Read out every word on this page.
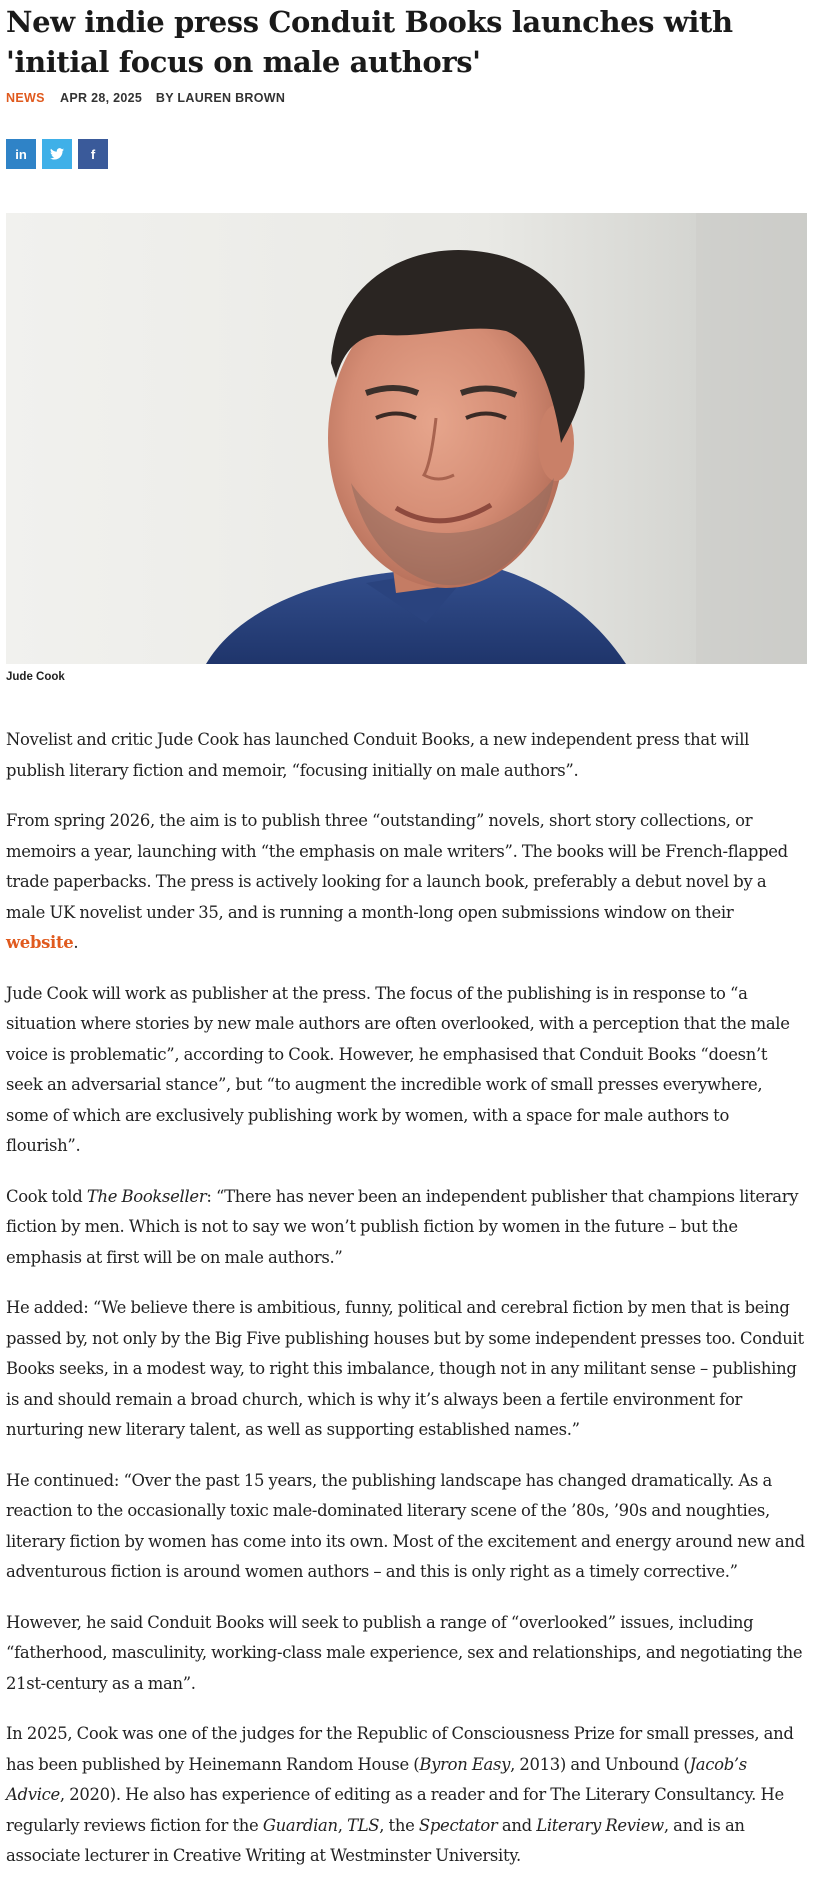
New indie press Conduit Books launches with 'initial focus on male authors'
NEWS APR 28, 2025 BY LAUREN BROWN
in	f
Jude Cook

Novelist and critic Jude Cook has launched Conduit Books, a new independent press that will publish literary fiction and memoir, “focusing initially on male authors”.

From spring 2026, the aim is to publish three “outstanding” novels, short story collections, or memoirs a year, launching with “the emphasis on male writers”. The books will be French-flapped trade paperbacks. The press is actively looking for a launch book, preferably a debut novel by a male UK novelist under 35, and is running a month-long open submissions window on their website.

Jude Cook will work as publisher at the press. The focus of the publishing is in response to “a situation where stories by new male authors are often overlooked, with a perception that the male voice is problematic”, according to Cook. However, he emphasised that Conduit Books “doesn’t seek an adversarial stance”, but “to augment the incredible work of small presses everywhere, some of which are exclusively publishing work by women, with a space for male authors to flourish”.

Cook told The Bookseller: “There has never been an independent publisher that champions literary fiction by men. Which is not to say we won’t publish fiction by women in the future – but the emphasis at first will be on male authors.”

He added: “We believe there is ambitious, funny, political and cerebral fiction by men that is being passed by, not only by the Big Five publishing houses but by some independent presses too. Conduit Books seeks, in a modest way, to right this imbalance, though not in any militant sense – publishing is and should remain a broad church, which is why it’s always been a fertile environment for nurturing new literary talent, as well as supporting established names.”

He continued: “Over the past 15 years, the publishing landscape has changed dramatically. As a reaction to the occasionally toxic male-dominated literary scene of the ’80s, ’90s and noughties, literary fiction by women has come into its own. Most of the excitement and energy around new and adventurous fiction is around women authors – and this is only right as a timely corrective.”

However, he said Conduit Books will seek to publish a range of “overlooked” issues, including “fatherhood, masculinity, working-class male experience, sex and relationships, and negotiating the 21st-century as a man”.

In 2025, Cook was one of the judges for the Republic of Consciousness Prize for small presses, and has been published by Heinemann Random House (Byron Easy, 2013) and Unbound (Jacob’s Advice, 2020). He also has experience of editing as a reader and for The Literary Consultancy. He regularly reviews fiction for the Guardian, TLS, the Spectator and Literary Review, and is an associate lecturer in Creative Writing at Westminster University.
